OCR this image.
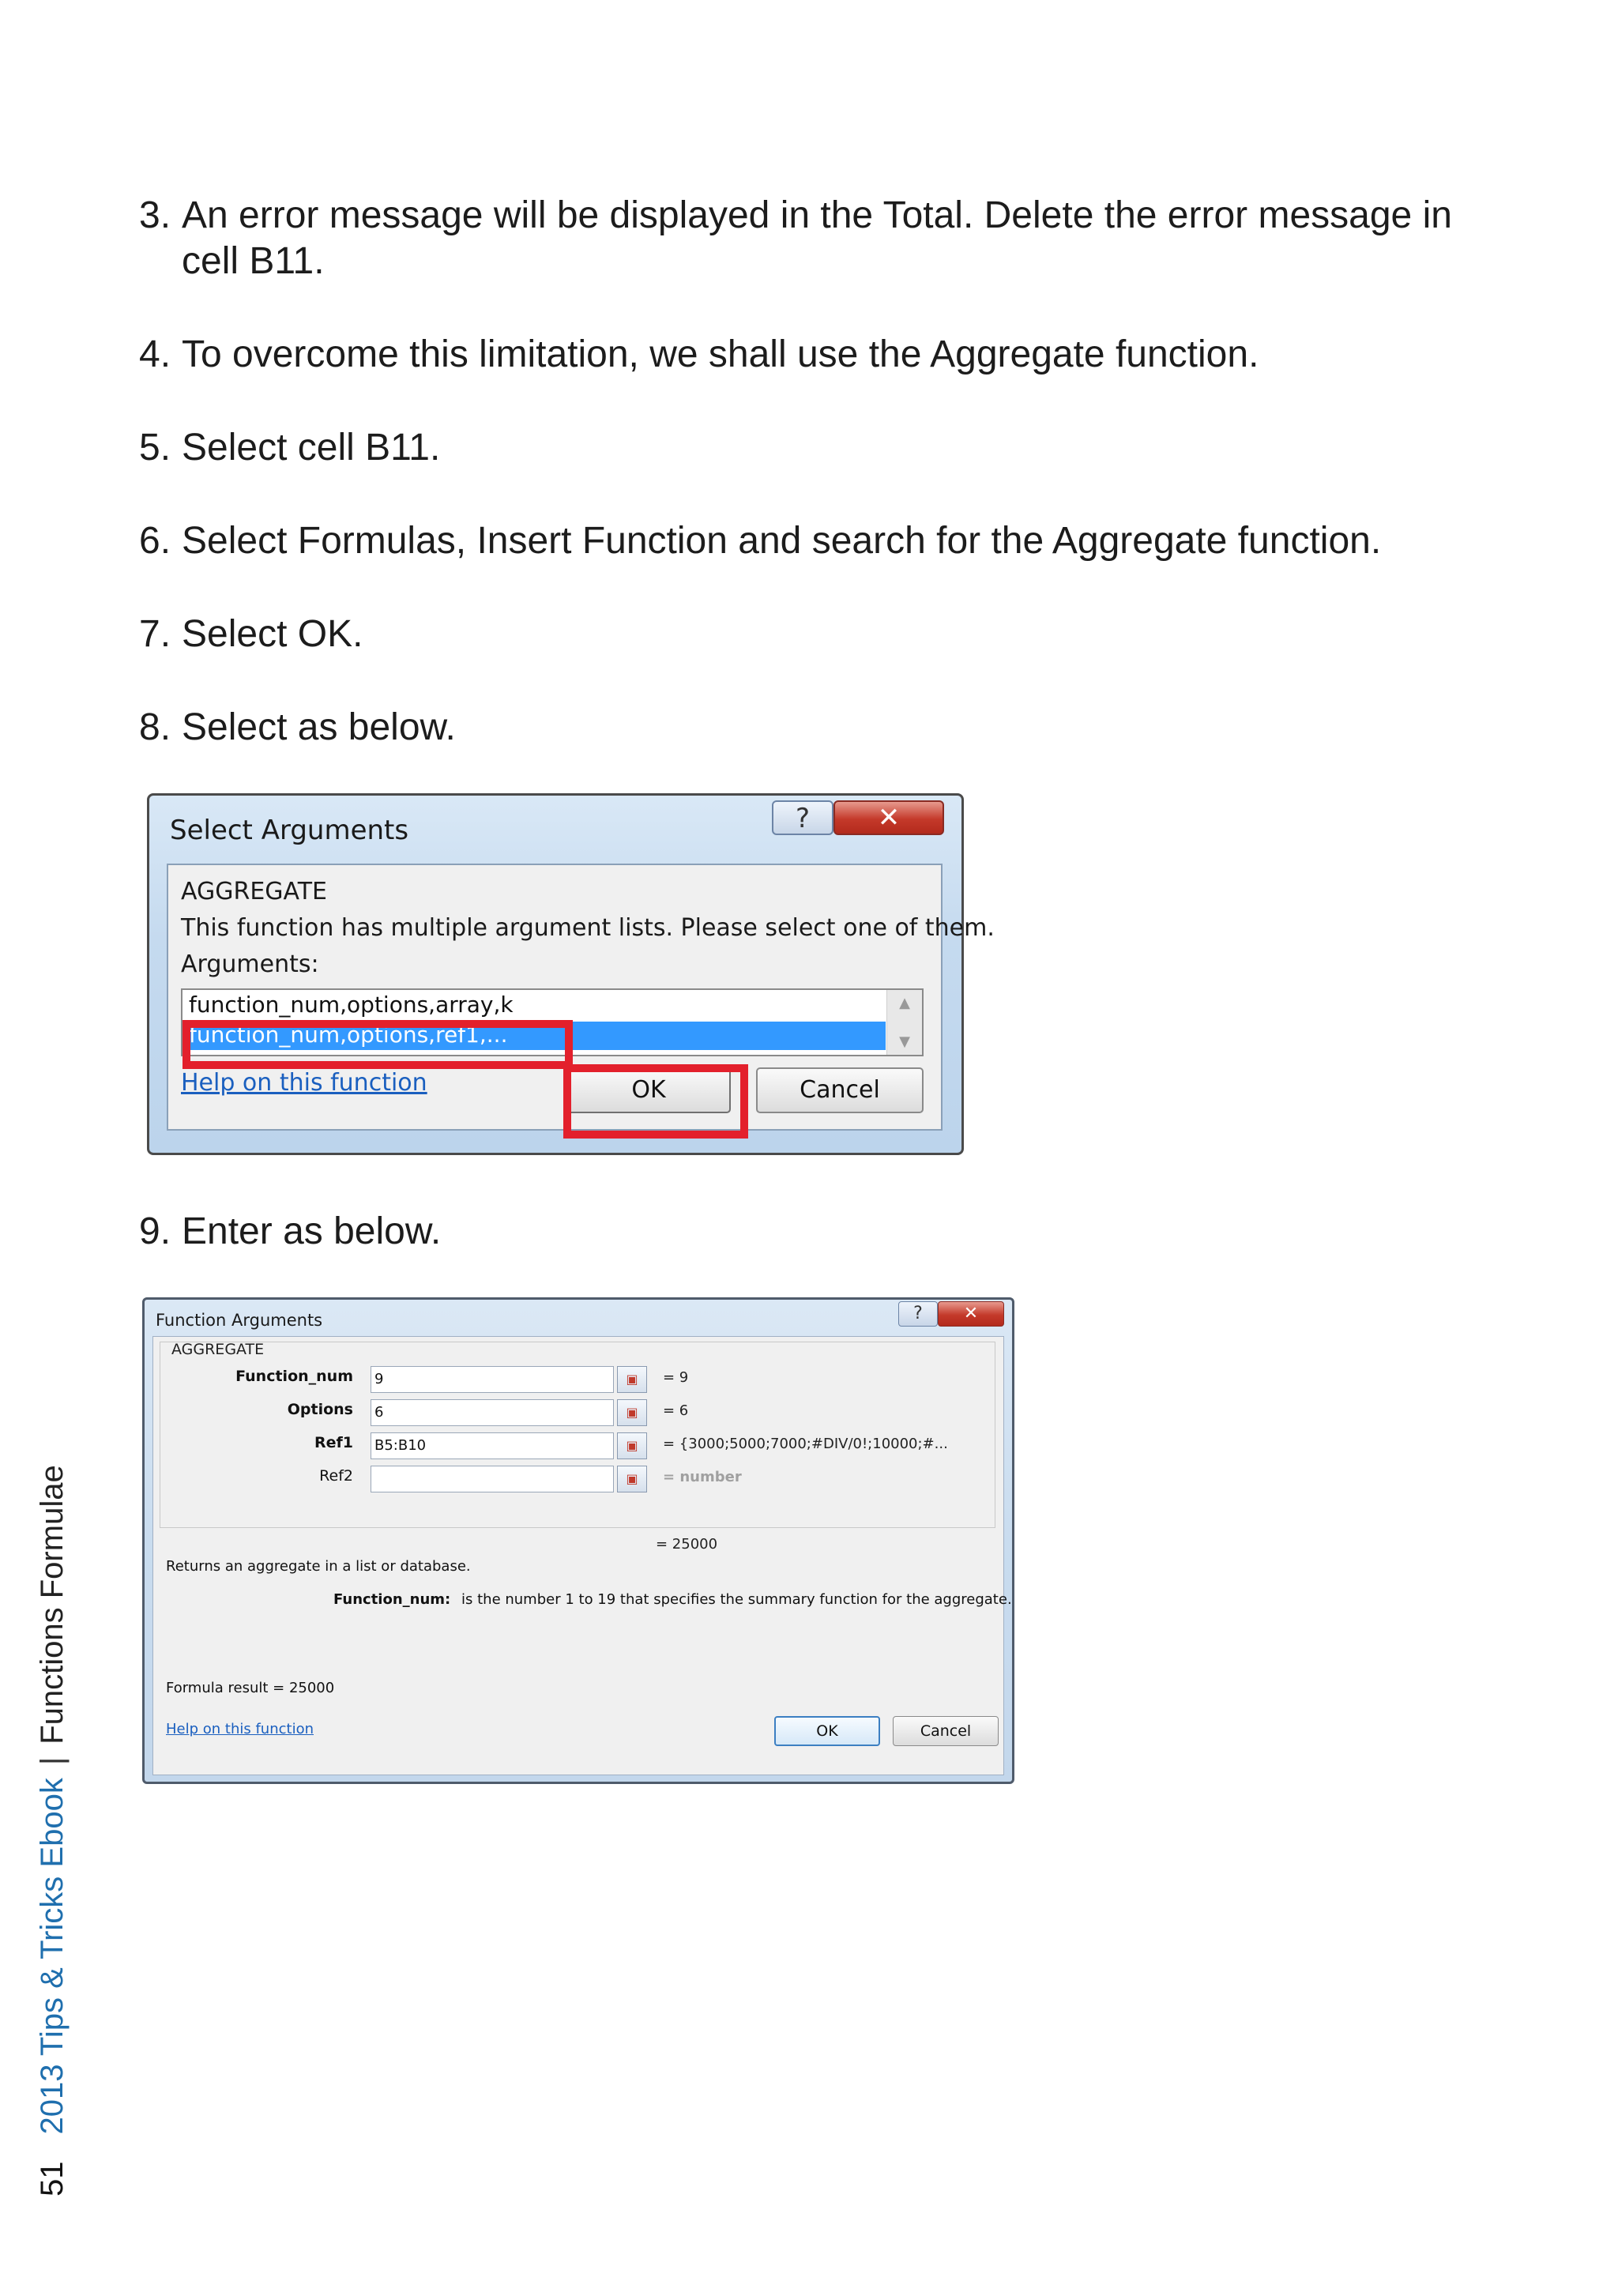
512013 Tips & Tricks Ebook|Functions Formulae

3. An error message will be displayed in the Total. Delete the error message in
cell B11.

4. To overcome this limitation, we shall use the Aggregate function.

5. Select cell B11.

6. Select Formulas, Insert Function and search for the Aggregate function.

7. Select OK.

8. Select as below.

Select Arguments	?	✕
AGGREGATE
This function has multiple argument lists. Please select one of them.
Arguments:
function_num,options,array,k
function_num,options,ref1,...
▲
▼
Help on this function	OK	Cancel

9. Enter as below.

Function Arguments	?	✕
AGGREGATE
Function_num 9	▣	= 9
Options 6	▣	= 6
Ref1 B5:B10	▣	= {3000;5000;7000;#DIV/0!;10000;#...
Ref2	▣	= number
= 25000
Returns an aggregate in a list or database.
Function_num: is the number 1 to 19 that specifies the summary function for the aggregate.
Formula result = 25000
Help on this function	OK	Cancel
